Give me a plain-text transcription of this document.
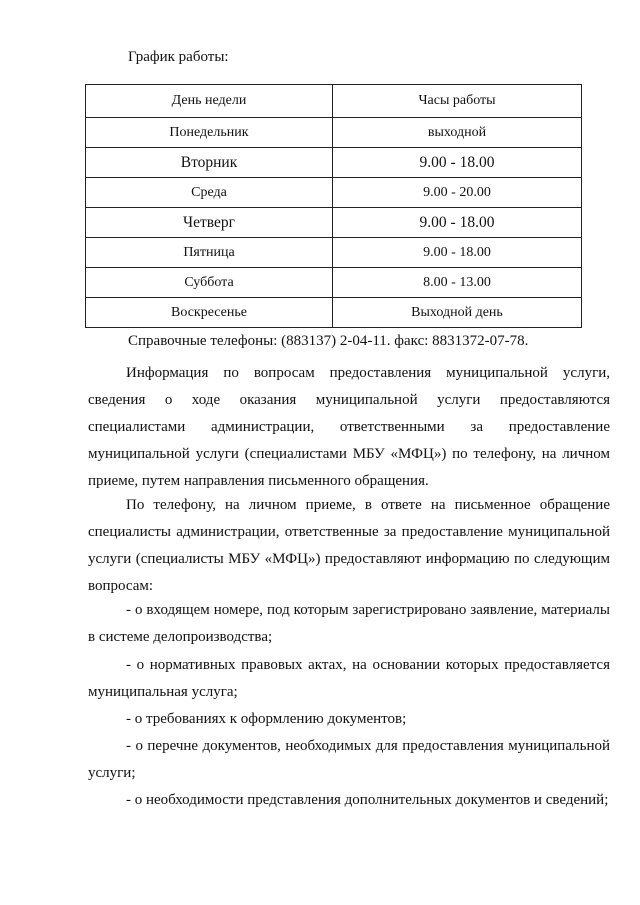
График работы:
День недели	Часы работы
Понедельник	выходной
Вторник	9.00 - 18.00
Среда	9.00 - 20.00
Четверг	9.00 - 18.00
Пятница	9.00 - 18.00
Суббота	8.00 - 13.00
Воскресенье	Выходной день
Справочные телефоны: (883137) 2-04-11. факс: 8831372-07-78.
Информация по вопросам предоставления муниципальной услуги, сведения о ходе оказания муниципальной услуги предоставляются специалистами администрации, ответственными за предоставление муниципальной услуги (специалистами МБУ «МФЦ») по телефону, на личном приеме, путем направления письменного обращения.
По телефону, на личном приеме, в ответе на письменное обращение специалисты администрации, ответственные за предоставление муниципальной услуги (специалисты МБУ «МФЦ») предоставляют информацию по следующим вопросам:
- о входящем номере, под которым зарегистрировано заявление, материалы в системе делопроизводства;
- о нормативных правовых актах, на основании которых предоставляется муниципальная услуга;
- о требованиях к оформлению документов;
- о перечне документов, необходимых для предоставления муниципальной услуги;
- о необходимости представления дополнительных документов и сведений;
